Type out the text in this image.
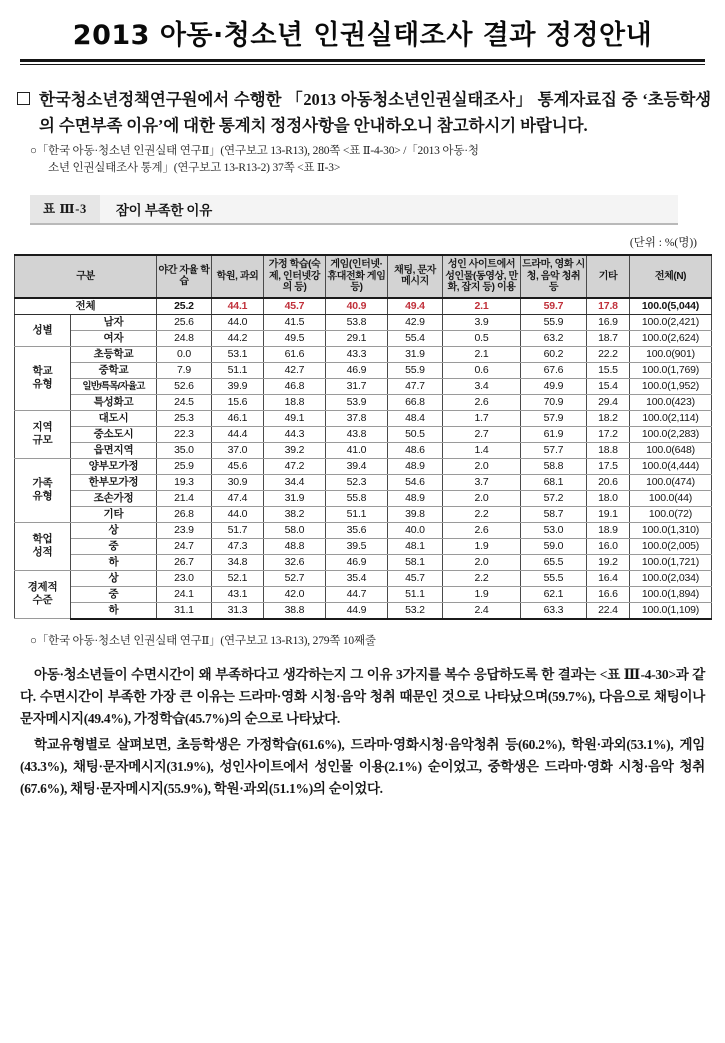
2013 아동·청소년 인권실태조사 결과 정정안내
한국청소년정책연구원에서 수행한 「2013 아동청소년인권실태조사」 통계자료집 중 ‘초등학생의 수면부족 이유’에 대한 통계치 정정사항을 안내하오니 참고하시기 바랍니다.
○「한국 아동·청소년 인권실태 연구Ⅱ」(연구보고 13-R13), 280쪽 <표 Ⅱ-4-30> /「2013 아동·청
소년 인권실태조사 통계」(연구보고 13-R13-2) 37쪽 <표 Ⅱ-3>
표 Ⅲ-3	잠이 부족한 이유
(단위 : %(명))
구분		야간 자율 학습	학원, 과외	가정 학습(숙제, 인터넷강의 등)	게임(인터넷·휴대전화 게임 등)	채팅, 문자 메시지	성인 사이트에서 성인물(동영상, 만화, 잡지 등) 이용	드라마, 영화 시청, 음악 청취 등	기타	전체(N)
전체		25.2	44.1	45.7	40.9	49.4	2.1	59.7	17.8	100.0(5,044)
성별	남자	25.6	44.0	41.5	53.8	42.9	3.9	55.9	16.9	100.0(2,421)
	여자	24.8	44.2	49.5	29.1	55.4	0.5	63.2	18.7	100.0(2,624)
학교
유형	초등학교	0.0	53.1	61.6	43.3	31.9	2.1	60.2	22.2	100.0(901)
	중학교	7.9	51.1	42.7	46.9	55.9	0.6	67.6	15.5	100.0(1,769)
	일반/특목/자율고	52.6	39.9	46.8	31.7	47.7	3.4	49.9	15.4	100.0(1,952)
	특성화고	24.5	15.6	18.8	53.9	66.8	2.6	70.9	29.4	100.0(423)
지역
규모	대도시	25.3	46.1	49.1	37.8	48.4	1.7	57.9	18.2	100.0(2,114)
	중소도시	22.3	44.4	44.3	43.8	50.5	2.7	61.9	17.2	100.0(2,283)
	읍면지역	35.0	37.0	39.2	41.0	48.6	1.4	57.7	18.8	100.0(648)
가족
유형	양부모가정	25.9	45.6	47.2	39.4	48.9	2.0	58.8	17.5	100.0(4,444)
	한부모가정	19.3	30.9	34.4	52.3	54.6	3.7	68.1	20.6	100.0(474)
	조손가정	21.4	47.4	31.9	55.8	48.9	2.0	57.2	18.0	100.0(44)
	기타	26.8	44.0	38.2	51.1	39.8	2.2	58.7	19.1	100.0(72)
학업
성적	상	23.9	51.7	58.0	35.6	40.0	2.6	53.0	18.9	100.0(1,310)
	중	24.7	47.3	48.8	39.5	48.1	1.9	59.0	16.0	100.0(2,005)
	하	26.7	34.8	32.6	46.9	58.1	2.0	65.5	19.2	100.0(1,721)
경제적
수준	상	23.0	52.1	52.7	35.4	45.7	2.2	55.5	16.4	100.0(2,034)
	중	24.1	43.1	42.0	44.7	51.1	1.9	62.1	16.6	100.0(1,894)
	하	31.1	31.3	38.8	44.9	53.2	2.4	63.3	22.4	100.0(1,109)
○「한국 아동·청소년 인권실태 연구Ⅱ」(연구보고 13-R13), 279쪽 10째줄
아동·청소년들이 수면시간이 왜 부족하다고 생각하는지 그 이유 3가지를 복수 응답하도록 한 결과는 <표 Ⅲ-4-30>과 같다. 수면시간이 부족한 가장 큰 이유는 드라마·영화 시청·음악 청취 때문인 것으로 나타났으며(59.7%), 다음으로 채팅이나 문자메시지(49.4%), 가정학습(45.7%)의 순으로 나타났다.
학교유형별로 살펴보면, 초등학생은 가정학습(61.6%), 드라마·영화시청·음악청취 등(60.2%), 학원·과외(53.1%), 게임(43.3%), 채팅·문자메시지(31.9%), 성인사이트에서 성인물 이용(2.1%) 순이었고, 중학생은 드라마·영화 시청·음악 청취(67.6%), 채팅·문자메시지(55.9%), 학원·과외(51.1%)의 순이었다.
